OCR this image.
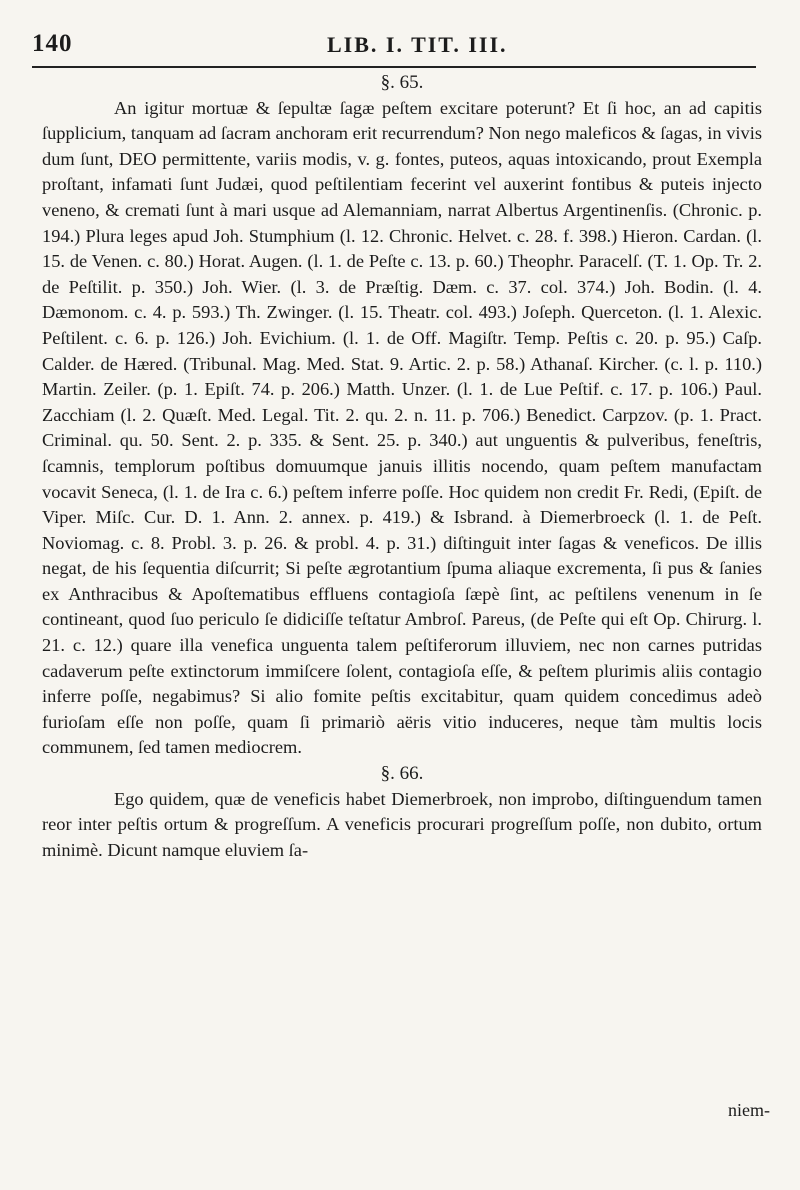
140	LIB. I. TIT. III.

§. 65.

An igitur mortuæ & ſepultæ ſagæ peſtem excitare poterunt? Et ſi hoc, an ad capitis ſupplicium, tanquam ad ſacram anchoram erit recurrendum? Non nego maleficos & ſagas, in vivis dum ſunt, DEO permittente, variis modis, v. g. fontes, puteos, aquas intoxicando, prout Exempla proſtant, infamati ſunt Judæi, quod peſtilentiam fecerint vel auxerint fontibus & puteis injecto veneno, & cremati ſunt à mari usque ad Alemanniam, narrat Albertus Argentinenſis. (Chronic. p. 194.) Plura leges apud Joh. Stumphium (l. 12. Chronic. Helvet. c. 28. f. 398.) Hieron. Cardan. (l. 15. de Venen. c. 80.) Horat. Augen. (l. 1. de Peſte c. 13. p. 60.) Theophr. Paracelſ. (T. 1. Op. Tr. 2. de Peſtilit. p. 350.) Joh. Wier. (l. 3. de Præſtig. Dæm. c. 37. col. 374.) Joh. Bodin. (l. 4. Dæmonom. c. 4. p. 593.) Th. Zwinger. (l. 15. Theatr. col. 493.) Joſeph. Querceton. (l. 1. Alexic. Peſtilent. c. 6. p. 126.) Joh. Evichium. (l. 1. de Off. Magiſtr. Temp. Peſtis c. 20. p. 95.) Caſp. Calder. de Hæred. (Tribunal. Mag. Med. Stat. 9. Artic. 2. p. 58.) Athanaſ. Kircher. (c. l. p. 110.) Martin. Zeiler. (p. 1. Epiſt. 74. p. 206.) Matth. Unzer. (l. 1. de Lue Peſtif. c. 17. p. 106.) Paul. Zacchiam (l. 2. Quæſt. Med. Legal. Tit. 2. qu. 2. n. 11. p. 706.) Benedict. Carpzov. (p. 1. Pract. Criminal. qu. 50. Sent. 2. p. 335. & Sent. 25. p. 340.) aut unguentis & pulveribus, feneſtris, ſcamnis, templorum poſtibus domuumque januis illitis nocendo, quam peſtem manufactam vocavit Seneca, (l. 1. de Ira c. 6.) peſtem inferre poſſe. Hoc quidem non credit Fr. Redi, (Epiſt. de Viper. Miſc. Cur. D. 1. Ann. 2. annex. p. 419.) & Isbrand. à Diemerbroeck (l. 1. de Peſt. Noviomag. c. 8. Probl. 3. p. 26. & probl. 4. p. 31.) diſtinguit inter ſagas & veneficos. De illis negat, de his ſequentia diſcurrit; Si peſte ægrotantium ſpuma aliaque excrementa, ſi pus & ſanies ex Anthracibus & Apoſtematibus effluens contagioſa ſæpè ſint, ac peſtilens venenum in ſe contineant, quod ſuo periculo ſe didiciſſe teſtatur Ambroſ. Pareus, (de Peſte qui eſt Op. Chirurg. l. 21. c. 12.) quare illa venefica unguenta talem peſtiferorum illuviem, nec non carnes putridas cadaverum peſte extinctorum immiſcere ſolent, contagioſa eſſe, & peſtem plurimis aliis contagio inferre poſſe, negabimus? Si alio fomite peſtis excitabitur, quam quidem concedimus adeò furioſam eſſe non poſſe, quam ſi primariò aëris vitio induceres, neque tàm multis locis communem, ſed tamen mediocrem.

§. 66.

Ego quidem, quæ de veneficis habet Diemerbroek, non improbo, diſtinguendum tamen reor inter peſtis ortum & progreſſum. A veneficis procurari progreſſum poſſe, non dubito, ortum minimè. Dicunt namque eluviem ſa-

niem-
